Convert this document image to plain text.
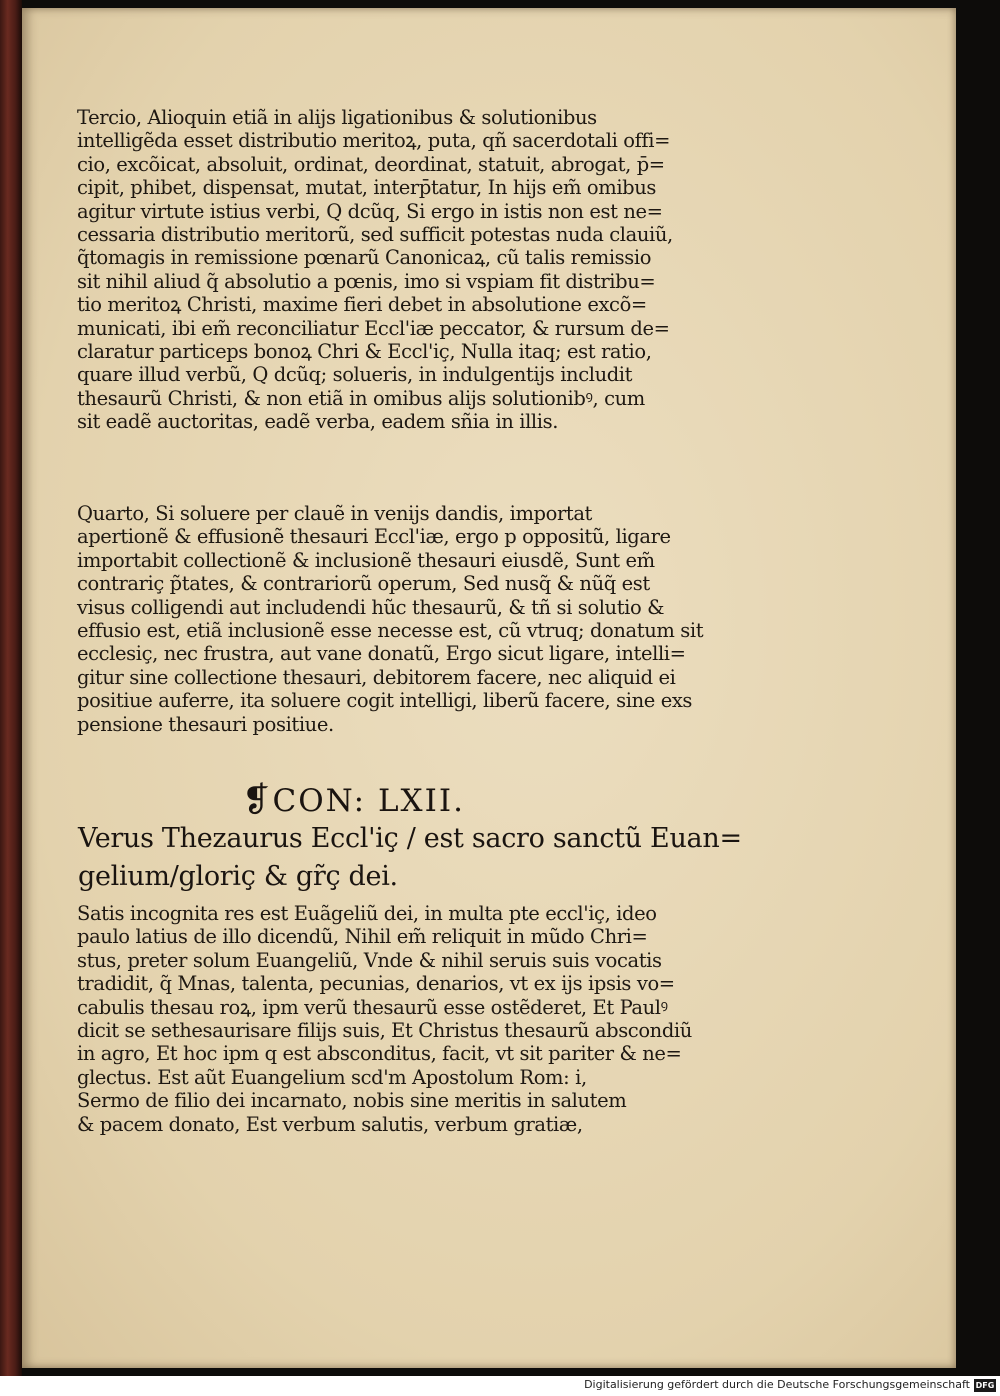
Tercio, Alioquin etiã in alijs ligationibus & solutionibus
intelligẽda esset distributio meritoꝝ, puta, qñ sacerdotali offi=
cio, excõicat, absoluit, ordinat, deordinat, statuit, abrogat, p̄=
cipit, phibet, dispensat, mutat, interp̄tatur, In hijs em̃ omibus
agitur virtute istius verbi, Q dcũq, Si ergo in istis non est ne=
cessaria distributio meritorũ, sed sufficit potestas nuda clauiũ,
q̃tomagis in remissione pœnarũ Canonicaꝝ, cũ talis remissio
sit nihil aliud q̃ absolutio a pœnis, imo si vspiam fit distribu=
tio meritoꝝ Christi, maxime fieri debet in absolutione excõ=
municati, ibi em̃ reconciliatur Eccl'iæ peccator, & rursum de=
claratur particeps bonoꝝ Chri & Eccl'iç, Nulla itaq; est ratio,
quare illud verbũ, Q dcũq; solueris, in indulgentijs includit
thesaurũ Christi, & non etiã in omibus alijs solutionibꝰ, cum
sit eadẽ auctoritas, eadẽ verba, eadem sñia in illis.
Quarto, Si soluere per clauẽ in venijs dandis, importat
apertionẽ & effusionẽ thesauri Eccl'iæ, ergo p oppositũ, ligare
importabit collectionẽ & inclusionẽ thesauri eiusdẽ, Sunt em̃
contrariç p̃tates, & contrariorũ operum, Sed nusq̃ & nũq̃ est
visus colligendi aut includendi hũc thesaurũ, & tñ si solutio &
effusio est, etiã inclusionẽ esse necesse est, cũ vtruq; donatum sit
ecclesiç, nec frustra, aut vane donatũ, Ergo sicut ligare, intelli=
gitur sine collectione thesauri, debitorem facere, nec aliquid ei
positiue auferre, ita soluere cogit intelligi, liberũ facere, sine exs
pensione thesauri positiue.
❡CON: LXII.
Verus Thezaurus Eccl'iç / est sacro sanctũ Euan=
gelium/gloriç & gr̃ç dei.
Satis incognita res est Euãgeliũ dei, in multa pte eccl'iç, ideo
paulo latius de illo dicendũ, Nihil em̃ reliquit in mũdo Chri=
stus, preter solum Euangeliũ, Vnde & nihil seruis suis vocatis
tradidit, q̃ Mnas, talenta, pecunias, denarios, vt ex ijs ipsis vo=
cabulis thesau roꝝ, ipm verũ thesaurũ esse ostẽderet, Et Paulꝰ
dicit se sethesaurisare filijs suis, Et Christus thesaurũ abscondiũ
in agro, Et hoc ipm q est absconditus, facit, vt sit pariter & ne=
glectus. Est aũt Euangelium scd'm Apostolum Rom: i,
Sermo de filio dei incarnato, nobis sine meritis in salutem
& pacem donato, Est verbum salutis, verbum gratiæ,
Digitalisierung gefördert durch die Deutsche Forschungsgemeinschaft DFG
